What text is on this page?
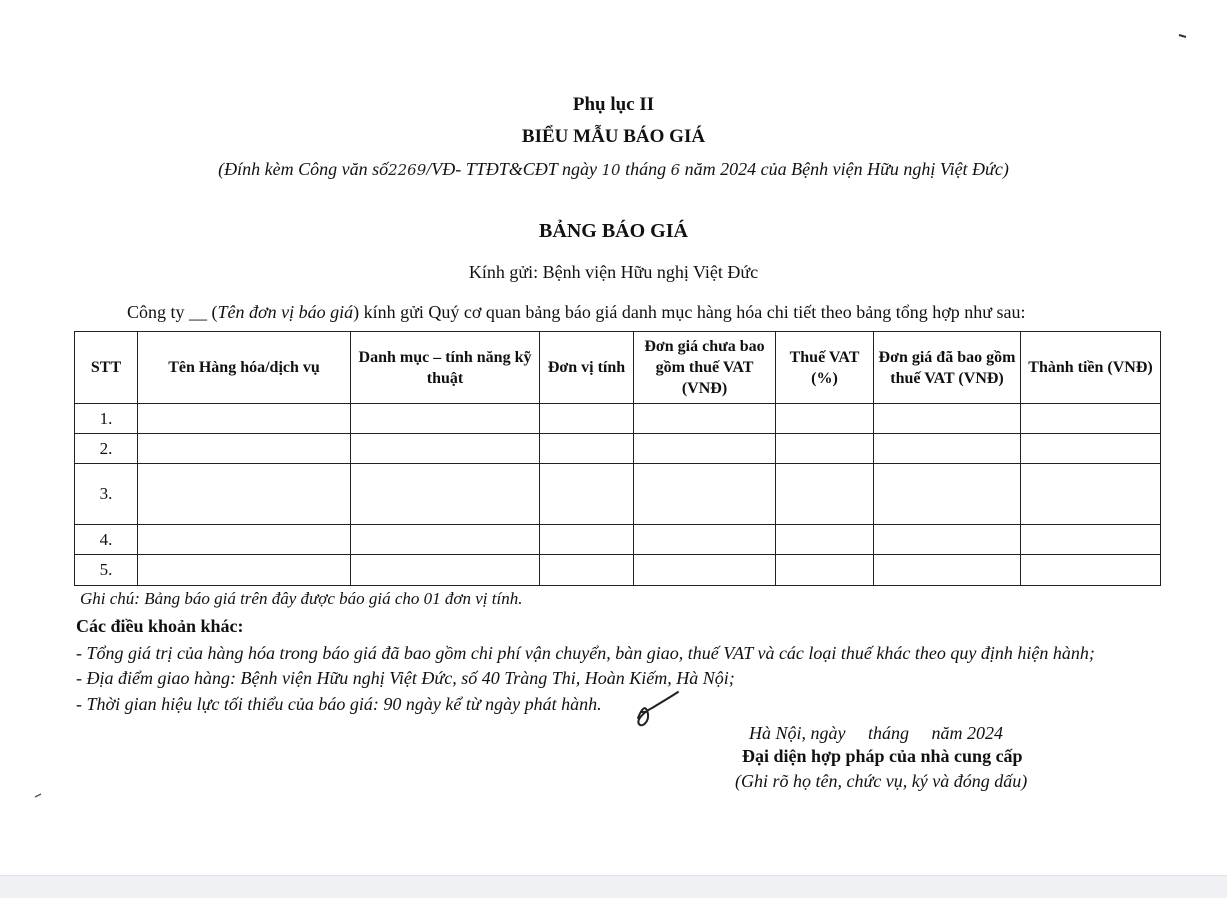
Phụ lục II
BIỂU MẪU BÁO GIÁ
(Đính kèm Công văn số2269/VĐ- TTĐT&CĐT ngày 10 tháng 6 năm 2024 của Bệnh viện Hữu nghị Việt Đức)
BẢNG BÁO GIÁ
Kính gửi: Bệnh viện Hữu nghị Việt Đức
Công ty __ (Tên đơn vị báo giá) kính gửi Quý cơ quan bảng báo giá danh mục hàng hóa chi tiết theo bảng tổng hợp như sau:
STT	Tên Hàng hóa/dịch vụ	Danh mục – tính năng kỹ thuật	Đơn vị tính	Đơn giá chưa bao gồm thuế VAT (VNĐ)	Thuế VAT (%)	Đơn giá đã bao gồm thuế VAT (VNĐ)	Thành tiền (VNĐ)
1.							
2.							
3.							
4.							
5.							
Ghi chú: Bảng báo giá trên đây được báo giá cho 01 đơn vị tính.
Các điều khoản khác:
- Tổng giá trị của hàng hóa trong báo giá đã bao gồm chi phí vận chuyển, bàn giao, thuế VAT và các loại thuế khác theo quy định hiện hành;
- Địa điểm giao hàng: Bệnh viện Hữu nghị Việt Đức, số 40 Tràng Thi, Hoàn Kiếm, Hà Nội;
- Thời gian hiệu lực tối thiểu của báo giá: 90 ngày kể từ ngày phát hành.
Hà Nội, ngày     tháng     năm 2024
Đại diện hợp pháp của nhà cung cấp
(Ghi rõ họ tên, chức vụ, ký và đóng dấu)
